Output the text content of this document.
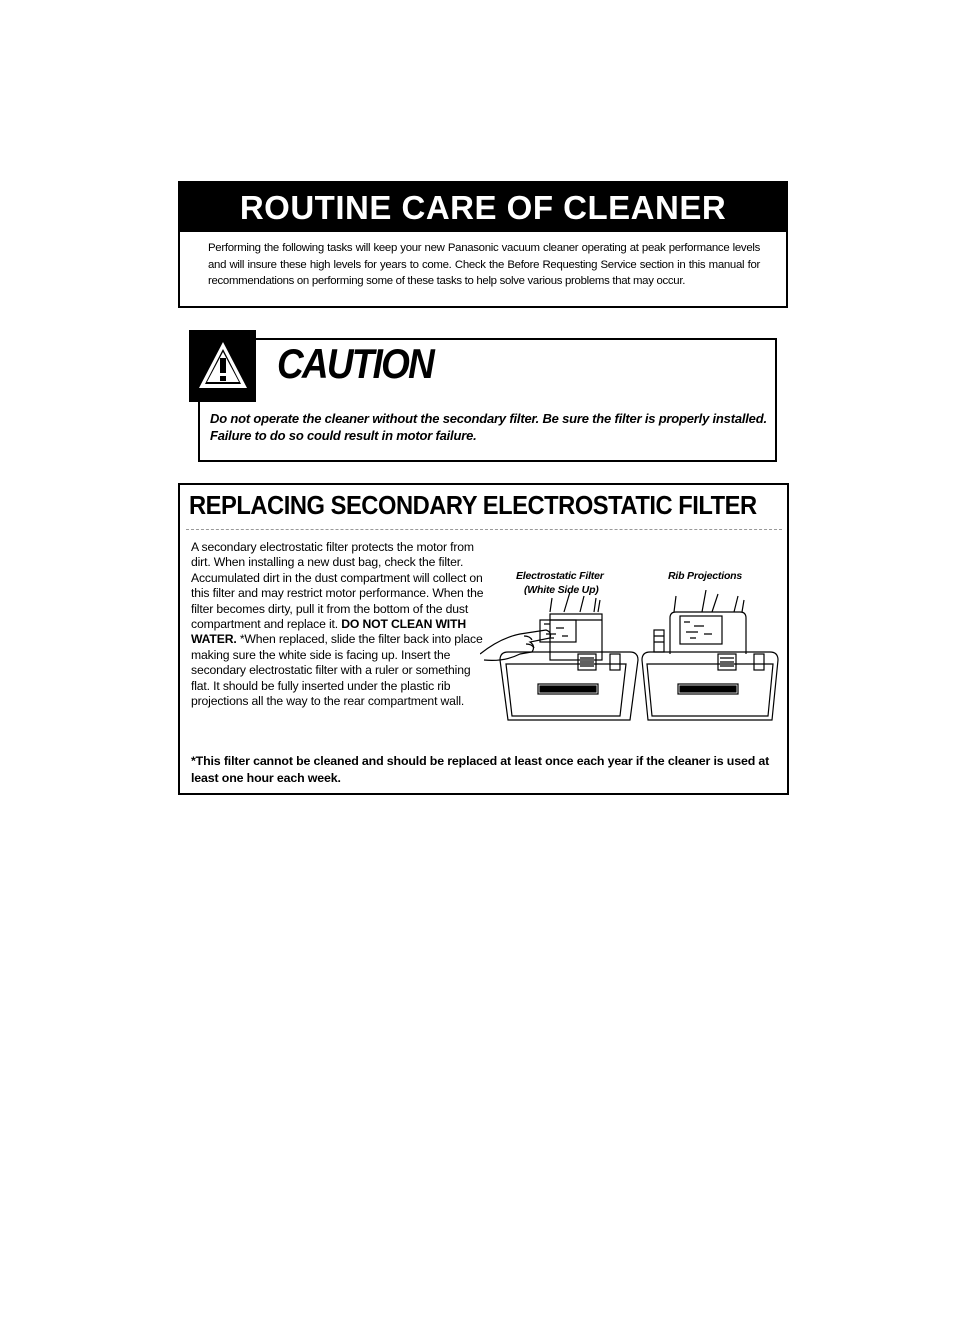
ROUTINE CARE OF CLEANER
Performing the following tasks will keep your new Panasonic vacuum cleaner operating at peak performance levels and will insure these high levels for years to come. Check the Before Requesting Service section in this manual for recommendations on performing some of these tasks to help solve various problems that may occur.
CAUTION
Do not operate the cleaner without the secondary filter. Be sure the filter is properly installed. Failure to do so could result in motor failure.
REPLACING SECONDARY ELECTROSTATIC FILTER
A secondary electrostatic filter protects the motor from dirt. When installing a new dust bag, check the filter. Accumulated dirt in the dust compartment will collect on this filter and may restrict motor performance. When the filter becomes dirty, pull it from the bottom of the dust compartment and replace it. DO NOT CLEAN WITH WATER. *When replaced, slide the filter back into place making sure the white side is facing up. Insert the secondary electrostatic filter with a ruler or something flat. It should be fully inserted under the plastic rib projections all the way to the rear compartment wall.
Electrostatic Filter
(White Side Up)
Rib Projections
*This filter cannot be cleaned and should be replaced at least once each year if the cleaner is used at least one hour each week.
